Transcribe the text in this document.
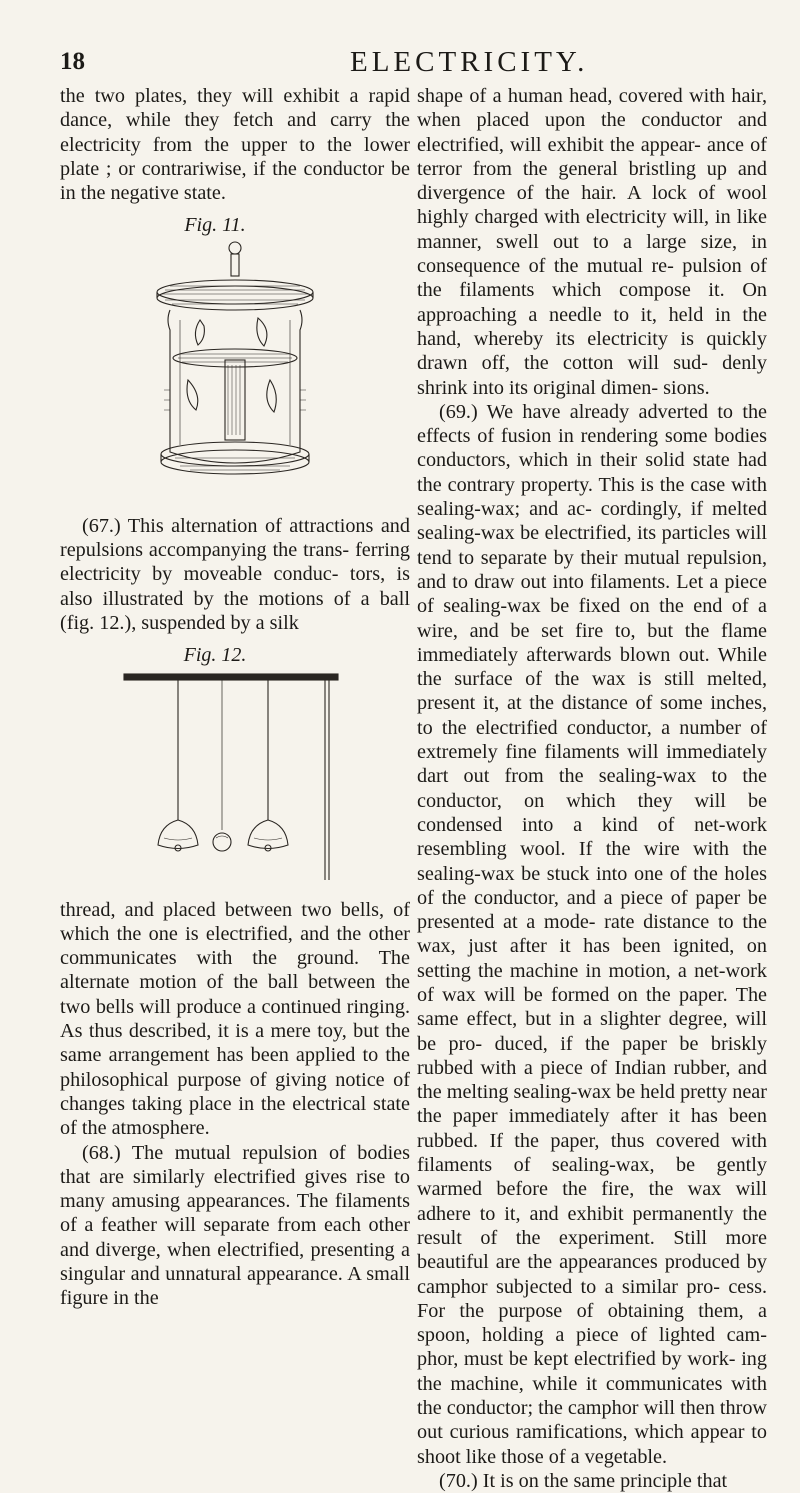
18	ELECTRICITY.

the two plates, they will exhibit a rapid dance, while they fetch and carry the electricity from the upper to the lower plate ; or contrariwise, if the conductor be in the negative state.

Fig. 11.

(67.) This alternation of attractions and repulsions accompanying the trans- ferring electricity by moveable conduc- tors, is also illustrated by the motions of a ball (fig. 12.), suspended by a silk

Fig. 12.

thread, and placed between two bells, of which the one is electrified, and the other communicates with the ground. The alternate motion of the ball between the two bells will produce a continued ringing. As thus described, it is a mere toy, but the same arrangement has been applied to the philosophical purpose of giving notice of changes taking place in the electrical state of the atmosphere.

(68.) The mutual repulsion of bodies that are similarly electrified gives rise to many amusing appearances. The filaments of a feather will separate from each other and diverge, when electrified, presenting a singular and unnatural appearance. A small figure in the

shape of a human head, covered with hair, when placed upon the conductor and electrified, will exhibit the appear- ance of terror from the general bristling up and divergence of the hair. A lock of wool highly charged with electricity will, in like manner, swell out to a large size, in consequence of the mutual re- pulsion of the filaments which compose it. On approaching a needle to it, held in the hand, whereby its electricity is quickly drawn off, the cotton will sud- denly shrink into its original dimen- sions.

(69.) We have already adverted to the effects of fusion in rendering some bodies conductors, which in their solid state had the contrary property. This is the case with sealing-wax; and ac- cordingly, if melted sealing-wax be electrified, its particles will tend to separate by their mutual repulsion, and to draw out into filaments. Let a piece of sealing-wax be fixed on the end of a wire, and be set fire to, but the flame immediately afterwards blown out. While the surface of the wax is still melted, present it, at the distance of some inches, to the electrified conductor, a number of extremely fine filaments will immediately dart out from the sealing-wax to the conductor, on which they will be condensed into a kind of net-work resembling wool. If the wire with the sealing-wax be stuck into one of the holes of the conductor, and a piece of paper be presented at a mode- rate distance to the wax, just after it has been ignited, on setting the machine in motion, a net-work of wax will be formed on the paper. The same effect, but in a slighter degree, will be pro- duced, if the paper be briskly rubbed with a piece of Indian rubber, and the melting sealing-wax be held pretty near the paper immediately after it has been rubbed. If the paper, thus covered with filaments of sealing-wax, be gently warmed before the fire, the wax will adhere to it, and exhibit permanently the result of the experiment. Still more beautiful are the appearances produced by camphor subjected to a similar pro- cess. For the purpose of obtaining them, a spoon, holding a piece of lighted cam- phor, must be kept electrified by work- ing the machine, while it communicates with the conductor; the camphor will then throw out curious ramifications, which appear to shoot like those of a vegetable.

(70.) It is on the same principle that
